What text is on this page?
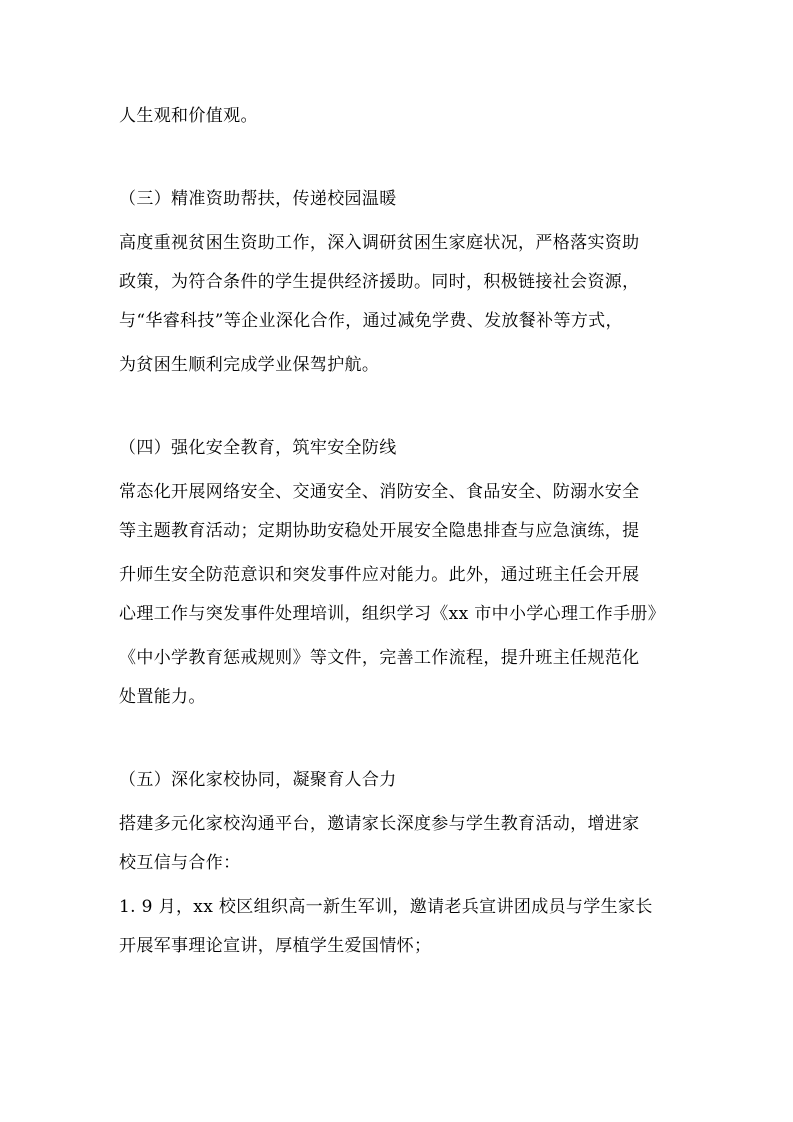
人生观和价值观。
（三）精准资助帮扶，传递校园温暖
高度重视贫困生资助工作，深入调研贫困生家庭状况，严格落实资助
政策，为符合条件的学生提供经济援助。同时，积极链接社会资源，
与“华睿科技”等企业深化合作，通过减免学费、发放餐补等方式，
为贫困生顺利完成学业保驾护航。
（四）强化安全教育，筑牢安全防线
常态化开展网络安全、交通安全、消防安全、食品安全、防溺水安全
等主题教育活动；定期协助安稳处开展安全隐患排查与应急演练，提
升师生安全防范意识和突发事件应对能力。此外，通过班主任会开展
心理工作与突发事件处理培训，组织学习《xx 市中小学心理工作手册》
《中小学教育惩戒规则》等文件，完善工作流程，提升班主任规范化
处置能力。
（五）深化家校协同，凝聚育人合力
搭建多元化家校沟通平台，邀请家长深度参与学生教育活动，增进家
校互信与合作：
1. 9 月，xx 校区组织高一新生军训，邀请老兵宣讲团成员与学生家长
开展军事理论宣讲，厚植学生爱国情怀；
